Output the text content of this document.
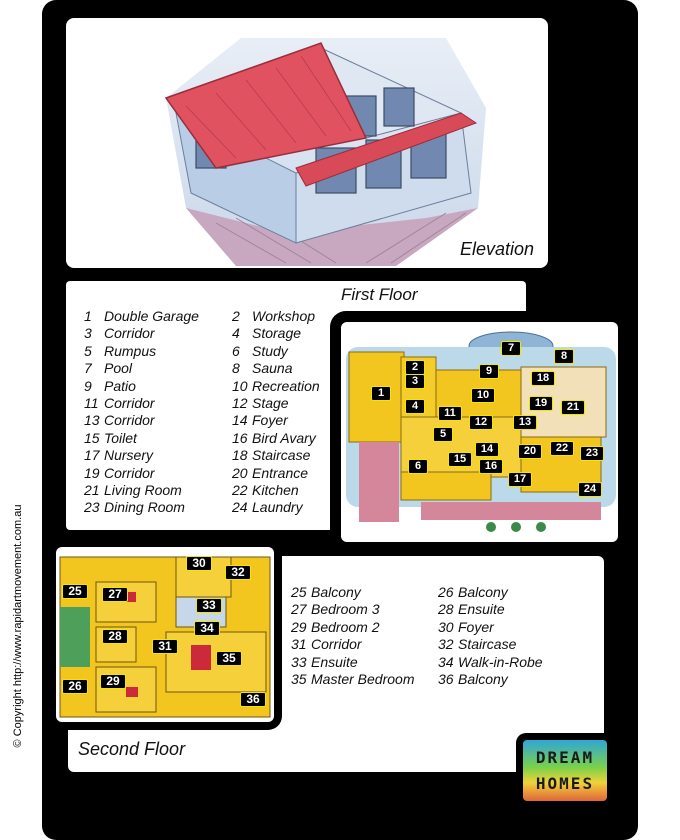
© Copyright http://www.rapidartmovement.com.au
Elevation
First Floor
1 Double Garage
3 Corridor
5 Rumpus
7 Pool
9 Patio
11 Corridor
13 Corridor
15 Toilet
17 Nursery
19 Corridor
21 Living Room
23 Dining Room
2 Workshop
4 Storage
6 Study
8 Sauna
10 Recreation
12 Stage
14 Foyer
16 Bird Avary
18 Staircase
20 Entrance
22 Kitchen
24 Laundry
1
2
3
4
5
6
7
8
9
10
11
12	13
14
15
16
17
18
19
20
21
22	23
24
Second Floor
25 Balcony
27 Bedroom 3
29 Bedroom 2
31 Corridor
33 Ensuite
35 Master Bedroom
26 Balcony
28 Ensuite
30 Foyer
32 Staircase
34 Walk-in-Robe
36 Balcony
25
26
27
28
29
30
31
32
33
34
35
36
DREAM
HOMES
